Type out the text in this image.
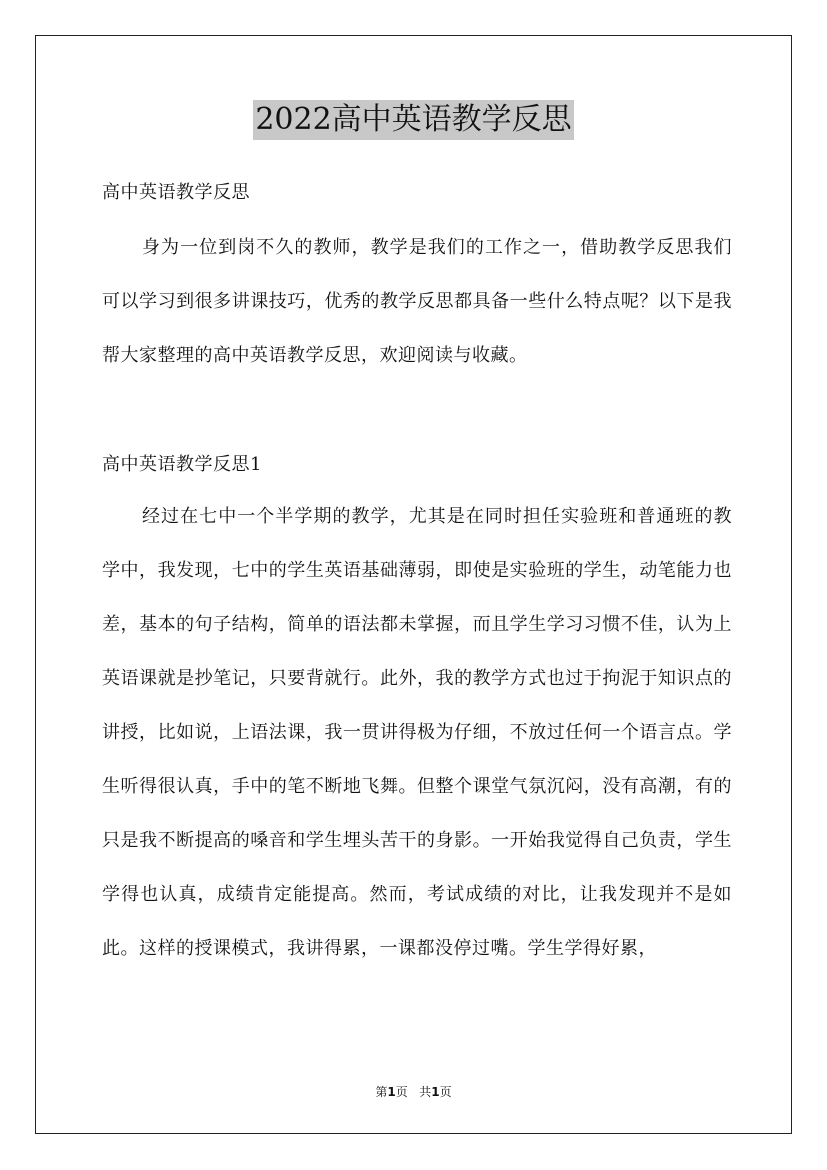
2022高中英语教学反思
高中英语教学反思
身为一位到岗不久的教师，教学是我们的工作之一，借助教学反思我们可以学习到很多讲课技巧，优秀的教学反思都具备一些什么特点呢？以下是我帮大家整理的高中英语教学反思，欢迎阅读与收藏。
高中英语教学反思1
经过在七中一个半学期的教学，尤其是在同时担任实验班和普通班的教学中，我发现，七中的学生英语基础薄弱，即使是实验班的学生，动笔能力也差，基本的句子结构，简单的语法都未掌握，而且学生学习习惯不佳，认为上英语课就是抄笔记，只要背就行。此外，我的教学方式也过于拘泥于知识点的讲授，比如说，上语法课，我一贯讲得极为仔细，不放过任何一个语言点。学生听得很认真，手中的笔不断地飞舞。但整个课堂气氛沉闷，没有高潮，有的只是我不断提高的嗓音和学生埋头苦干的身影。一开始我觉得自己负责，学生学得也认真，成绩肯定能提高。然而，考试成绩的对比，让我发现并不是如此。这样的授课模式，我讲得累，一课都没停过嘴。学生学得好累，
第1页   共1页
